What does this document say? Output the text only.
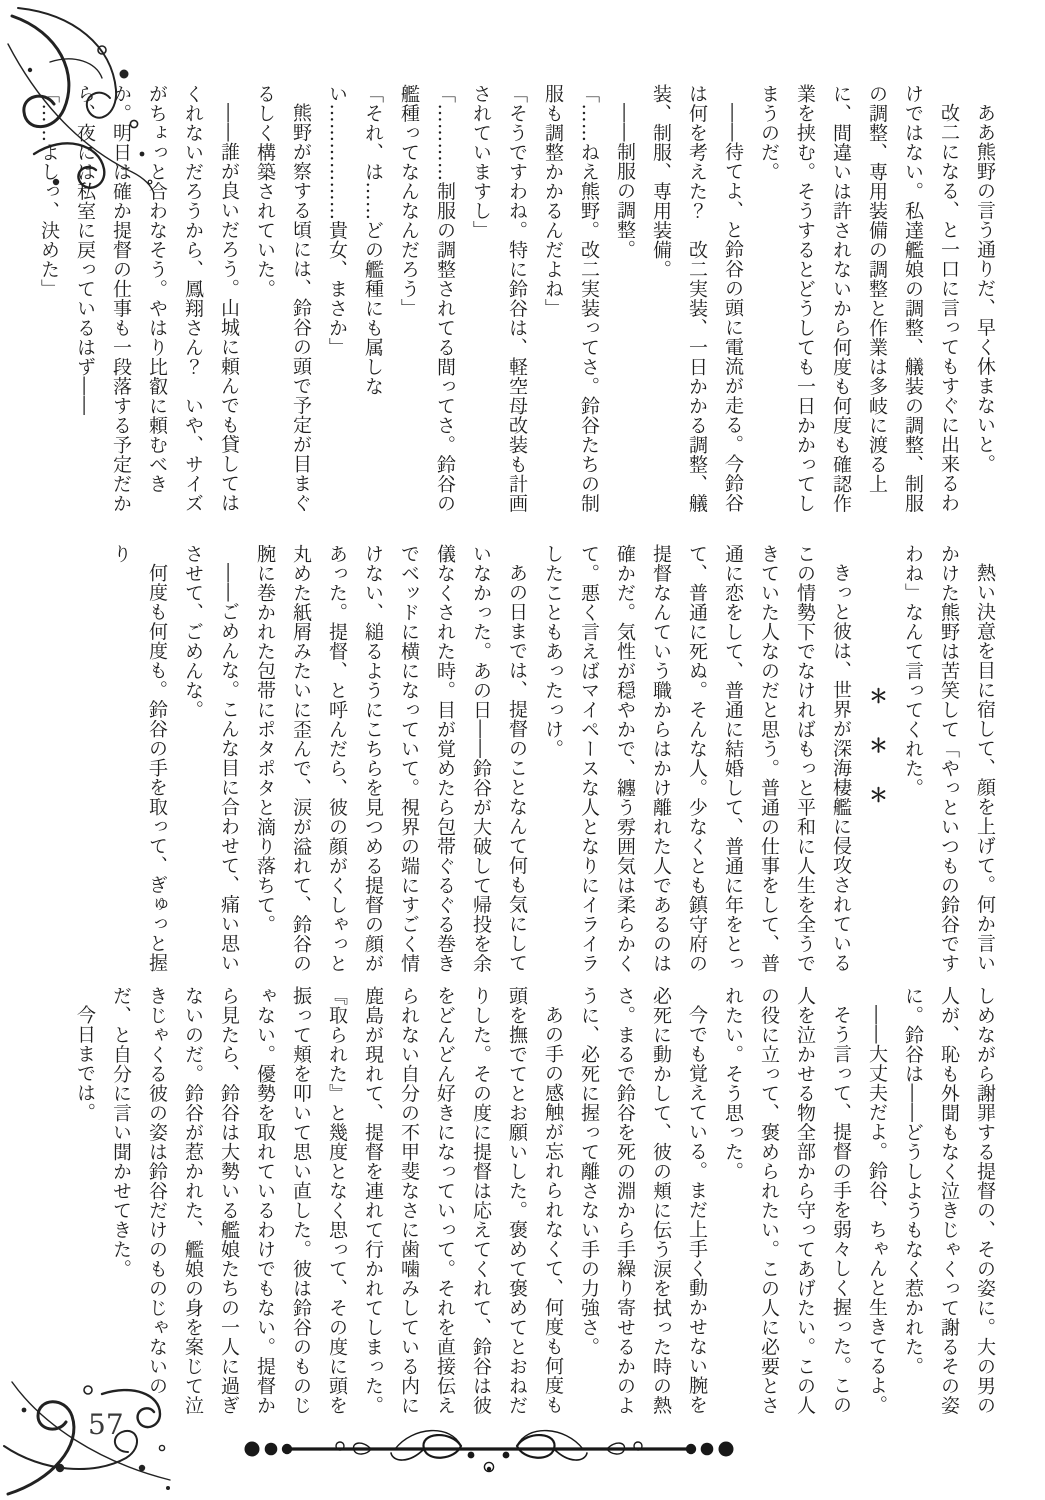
57

ああ熊野の言う通りだ、早く休まないと。

改二になる、と一口に言ってもすぐに出来るわけではない。私達艦娘の調整、艤装の調整、制服の調整、専用装備の調整と作業は多岐に渡る上に、間違いは許されないから何度も何度も確認作業を挟む。そうするとどうしても一日かかってしまうのだ。

――待てよ、と鈴谷の頭に電流が走る。今鈴谷は何を考えた？　改二実装、一日かかる調整、艤装、制服、専用装備。

――制服の調整。

「……ねえ熊野。改二実装ってさ。鈴谷たちの制服も調整かかるんだよね」

「そうですわね。特に鈴谷は、軽空母改装も計画されていますし」

「…………制服の調整されてる間ってさ。鈴谷の艦種ってなんなんだろう」

「それ、は……どの艦種にも属しない………………貴女、まさか」

熊野が察する頃には、鈴谷の頭で予定が目まぐるしく構築されていた。

――誰が良いだろう。山城に頼んでも貸してはくれないだろうから、鳳翔さん？　いや、サイズがちょっと合わなそう。やはり比叡に頼むべきか。明日は確か提督の仕事も一段落する予定だから、夜には私室に戻っているはず――

「……よしっ、決めた」

熱い決意を目に宿して、顔を上げて。何か言いかけた熊野は苦笑して「やっといつもの鈴谷ですわね」なんて言ってくれた。

＊＊＊

きっと彼は、世界が深海棲艦に侵攻されているこの情勢下でなければもっと平和に人生を全うできていた人なのだと思う。普通の仕事をして、普通に恋をして、普通に結婚して、普通に年をとって、普通に死ぬ。そんな人。少なくとも鎮守府の提督なんていう職からはかけ離れた人であるのは確かだ。気性が穏やかで、纏う雰囲気は柔らかくて。悪く言えばマイペースな人となりにイライラしたこともあったっけ。

あの日までは、提督のことなんて何も気にしていなかった。あの日――鈴谷が大破して帰投を余儀なくされた時。目が覚めたら包帯ぐるぐる巻きでベッドに横になっていて。視界の端にすごく情けない、縋るようにこちらを見つめる提督の顔があった。提督、と呼んだら、彼の顔がくしゃっと丸めた紙屑みたいに歪んで、涙が溢れて、鈴谷の腕に巻かれた包帯にポタポタと滴り落ちて。

――ごめんな。こんな目に合わせて、痛い思いさせて、ごめんな。

何度も何度も。鈴谷の手を取って、ぎゅっと握り

しめながら謝罪する提督の、その姿に。大の男の人が、恥も外聞もなく泣きじゃくって謝るその姿に。鈴谷は――どうしようもなく惹かれた。

――大丈夫だよ。鈴谷、ちゃんと生きてるよ。

そう言って、提督の手を弱々しく握った。この人を泣かせる物全部から守ってあげたい。この人の役に立って、褒められたい。この人に必要とされたい。そう思った。

今でも覚えている。まだ上手く動かせない腕を必死に動かして、彼の頬に伝う涙を拭った時の熱さ。まるで鈴谷を死の淵から手繰り寄せるかのように、必死に握って離さない手の力強さ。

あの手の感触が忘れられなくて、何度も何度も頭を撫でてとお願いした。褒めて褒めてとおねだりした。その度に提督は応えてくれて、鈴谷は彼をどんどん好きになっていって。それを直接伝えられない自分の不甲斐なさに歯噛みしている内に鹿島が現れて、提督を連れて行かれてしまった。『取られた』と幾度となく思って、その度に頭を振って頬を叩いて思い直した。彼は鈴谷のものじゃない。優勢を取れているわけでもない。提督から見たら、鈴谷は大勢いる艦娘たちの一人に過ぎないのだ。鈴谷が惹かれた、艦娘の身を案じて泣きじゃくる彼の姿は鈴谷だけのものじゃないのだ、と自分に言い聞かせてきた。

今日までは。
